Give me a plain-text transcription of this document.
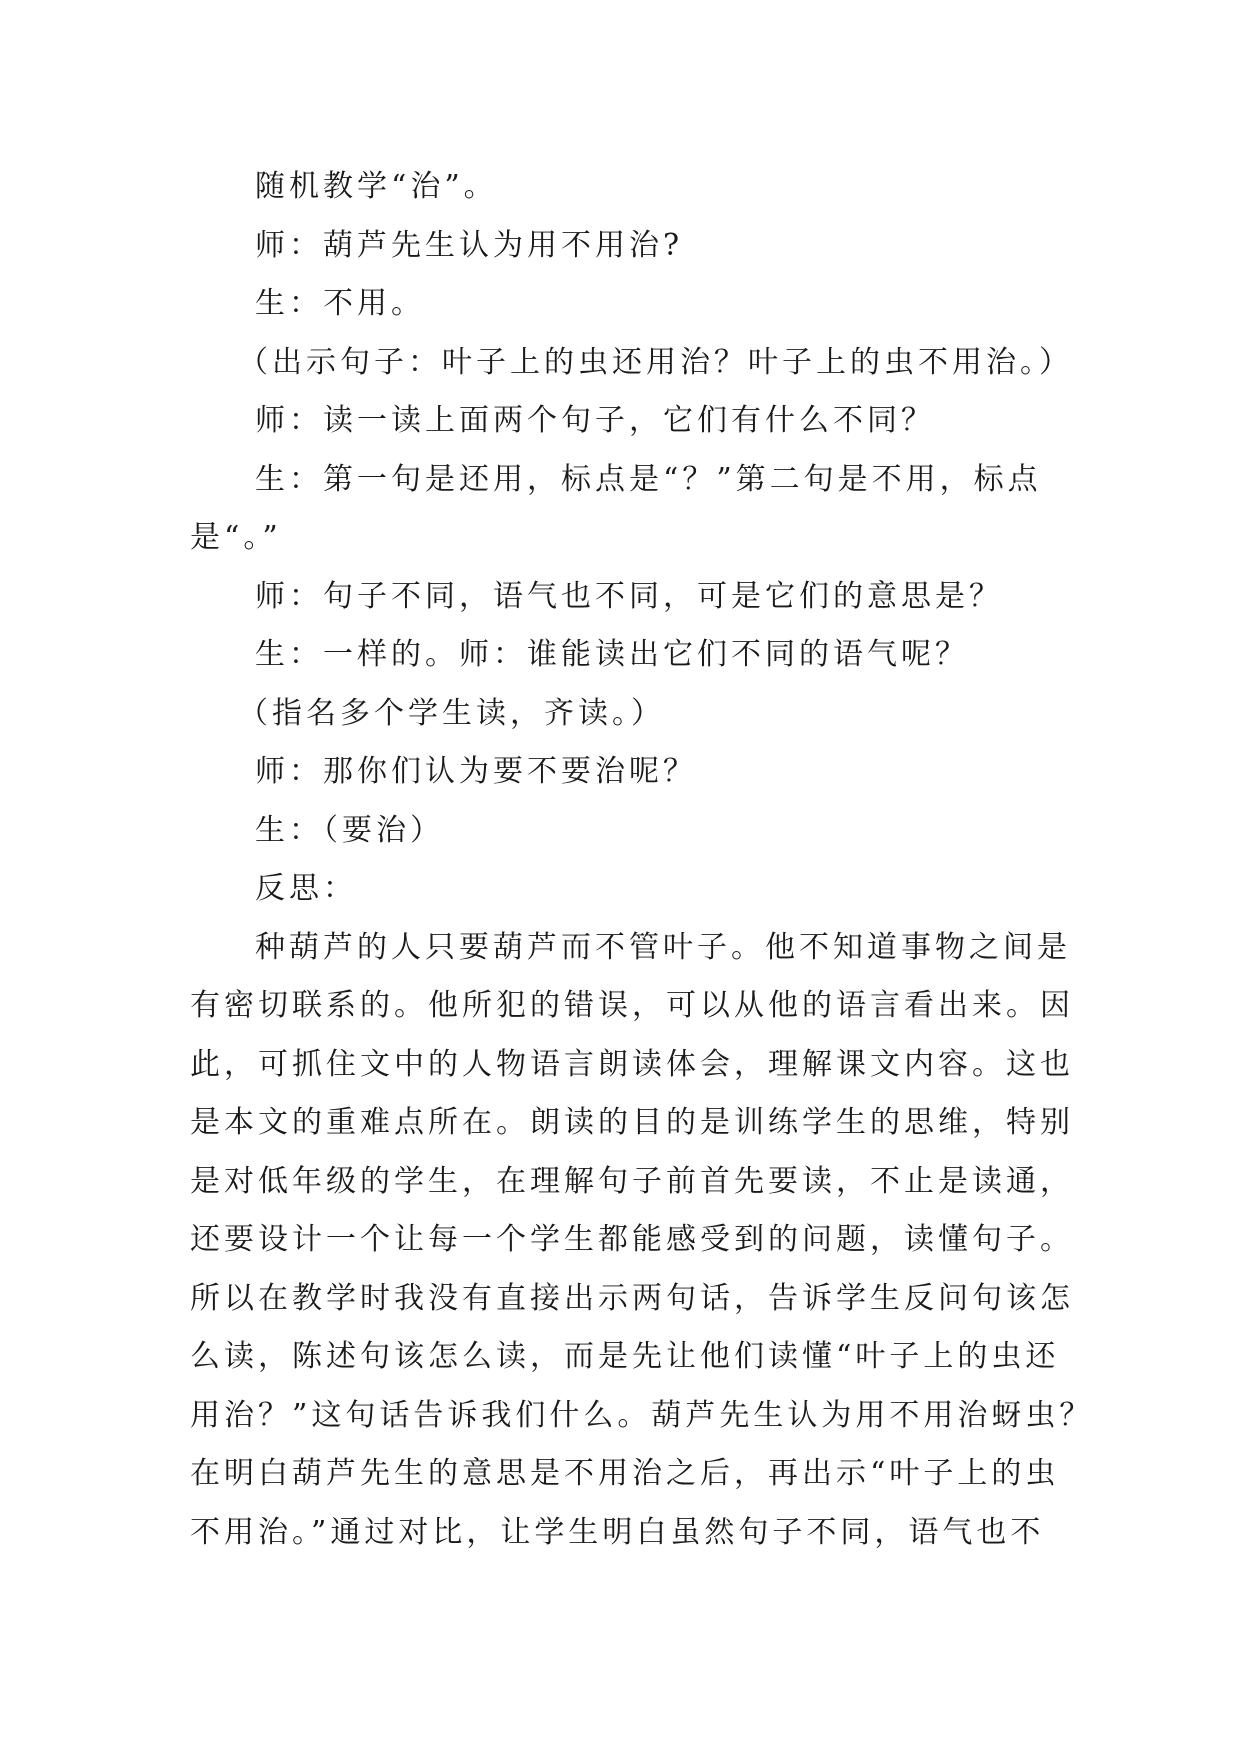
随机教学“治”。
师：葫芦先生认为用不用治?
生：不用。
（出示句子：叶子上的虫还用治？叶子上的虫不用治。）
师：读一读上面两个句子，它们有什么不同？
生：第一句是还用，标点是“？”第二句是不用，标点
是“。”
师：句子不同，语气也不同，可是它们的意思是？
生：一样的。师：谁能读出它们不同的语气呢？
（指名多个学生读，齐读。）
师：那你们认为要不要治呢？
生：（要治）
反思：
种葫芦的人只要葫芦而不管叶子。他不知道事物之间是
有密切联系的。他所犯的错误，可以从他的语言看出来。因
此，可抓住文中的人物语言朗读体会，理解课文内容。这也
是本文的重难点所在。朗读的目的是训练学生的思维，特别
是对低年级的学生，在理解句子前首先要读，不止是读通，
还要设计一个让每一个学生都能感受到的问题，读懂句子。
所以在教学时我没有直接出示两句话，告诉学生反问句该怎
么读，陈述句该怎么读，而是先让他们读懂“叶子上的虫还
用治？”这句话告诉我们什么。葫芦先生认为用不用治蚜虫？
在明白葫芦先生的意思是不用治之后，再出示“叶子上的虫
不用治。”通过对比，让学生明白虽然句子不同，语气也不
